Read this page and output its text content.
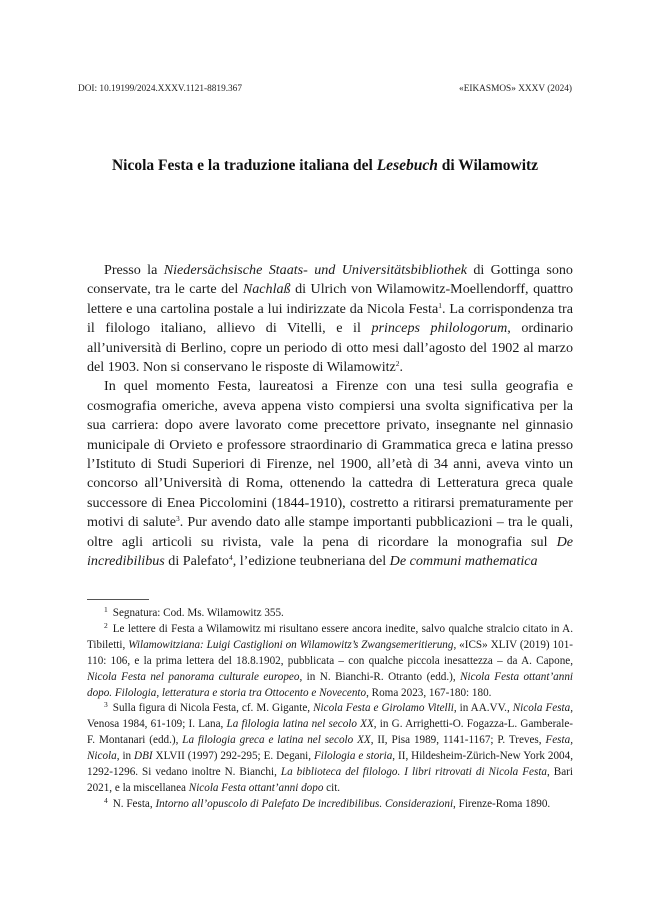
DOI: 10.19199/2024.XXXV.1121-8819.367	«EIKASMOS» XXXV (2024)
Nicola Festa e la traduzione italiana del Lesebuch di Wilamowitz

Presso la Niedersächsische Staats- und Universitätsbibliothek di Gottinga sono conservate, tra le carte del Nachlaß di Ulrich von Wilamowitz-Moellendorff, quattro lettere e una cartolina postale a lui indirizzate da Nicola Festa$^1$. La corrispondenza tra il filologo italiano, allievo di Vitelli, e il princeps philologorum, ordinario all’università di Berlino, copre un periodo di otto mesi dall’agosto del 1902 al marzo del 1903. Non si conservano le risposte di Wilamowitz$^2$.

In quel momento Festa, laureatosi a Firenze con una tesi sulla geografia e cosmografia omeriche, aveva appena visto compiersi una svolta significativa per la sua carriera: dopo avere lavorato come precettore privato, insegnante nel ginnasio municipale di Orvieto e professore straordinario di Grammatica greca e latina presso l’Istituto di Studi Superiori di Firenze, nel 1900, all’età di 34 anni, aveva vinto un concorso all’Università di Roma, ottenendo la cattedra di Letteratura greca quale successore di Enea Piccolomini (1844-1910), costretto a ritirarsi prematuramente per motivi di salute$^3$. Pur avendo dato alle stampe importanti pubblicazioni – tra le quali, oltre agli articoli su rivista, vale la pena di ricordare la monografia sul De incredibilibus di Palefato$^4$, l’edizione teubneriana del De communi mathematica

$^1$ Segnatura: Cod. Ms. Wilamowitz 355.

$^2$ Le lettere di Festa a Wilamowitz mi risultano essere ancora inedite, salvo qualche stralcio citato in A. Tibiletti, Wilamowitziana: Luigi Castiglioni on Wilamowitz’s Zwangsemeritierung, «ICS» XLIV (2019) 101-110: 106, e la prima lettera del 18.8.1902, pubblicata – con qualche piccola inesattezza – da A. Capone, Nicola Festa nel panorama culturale europeo, in N. Bianchi-R. Otranto (edd.), Nicola Festa ottant’anni dopo. Filologia, letteratura e storia tra Ottocento e Novecento, Roma 2023, 167-180: 180.

$^3$ Sulla figura di Nicola Festa, cf. M. Gigante, Nicola Festa e Girolamo Vitelli, in AA.VV., Nicola Festa, Venosa 1984, 61-109; I. Lana, La filologia latina nel secolo XX, in G. Arrighetti-O. Fogazza-L. Gamberale-F. Montanari (edd.), La filologia greca e latina nel secolo XX, II, Pisa 1989, 1141-1167; P. Treves, Festa, Nicola, in DBI XLVII (1997) 292-295; E. Degani, Filologia e storia, II, Hildesheim-Zürich-New York 2004, 1292-1296. Si vedano inoltre N. Bianchi, La biblioteca del filologo. I libri ritrovati di Nicola Festa, Bari 2021, e la miscellanea Nicola Festa ottant’anni dopo cit.

$^4$ N. Festa, Intorno all’opuscolo di Palefato De incredibilibus. Considerazioni, Firenze-Roma 1890.
